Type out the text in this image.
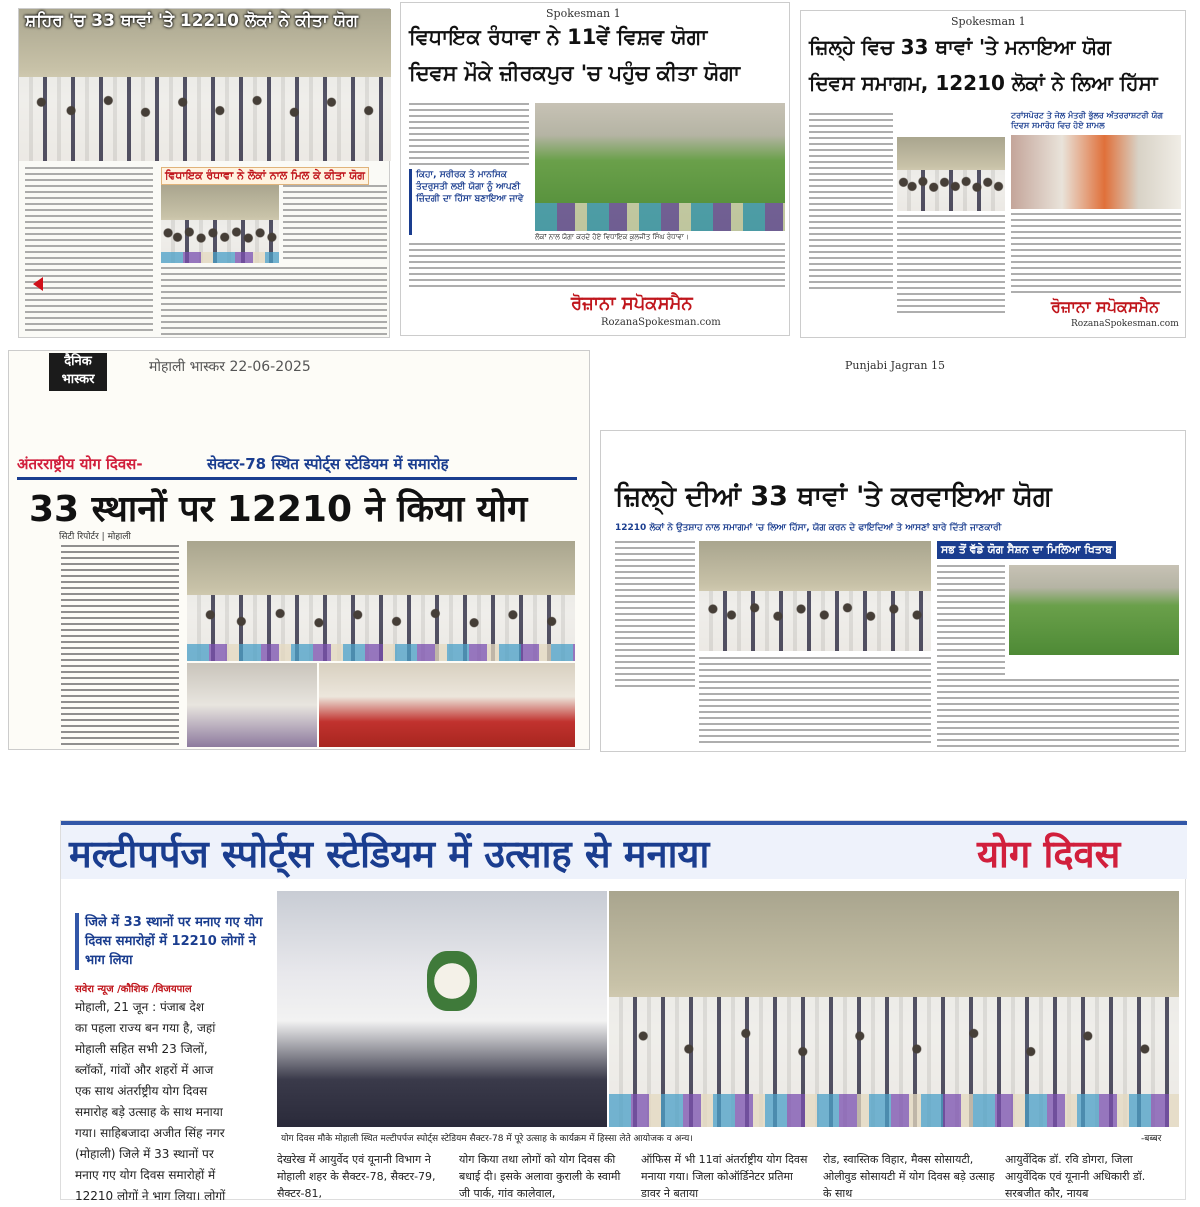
ਸ਼ਹਿਰ 'ਚ 33 ਥਾਵਾਂ 'ਤੇ 12210 ਲੋਕਾਂ ਨੇ ਕੀਤਾ ਯੋਗ
ਵਿਧਾਇਕ ਰੰਧਾਵਾ ਨੇ ਲੋਕਾਂ ਨਾਲ ਮਿਲ ਕੇ ਕੀਤਾ ਯੋਗ
Spokesman 1
ਵਿਧਾਇਕ ਰੰਧਾਵਾ ਨੇ 11ਵੇਂ ਵਿਸ਼ਵ ਯੋਗਾ
ਦਿਵਸ ਮੌਕੇ ਜ਼ੀਰਕਪੁਰ 'ਚ ਪਹੁੰਚ ਕੀਤਾ ਯੋਗਾ
ਕਿਹਾ, ਸਰੀਰਕ ਤੇ ਮਾਨਸਿਕ ਤੰਦਰੁਸਤੀ ਲਈ ਯੋਗਾ ਨੂੰ ਆਪਣੀ ਜ਼ਿੰਦਗੀ ਦਾ ਹਿੱਸਾ ਬਣਾਇਆ ਜਾਵੇ
ਲੋਕਾਂ ਨਾਲ ਯੋਗਾ ਕਰਦੇ ਹੋਏ ਵਿਧਾਇਕ ਕੁਲਜੀਤ ਸਿੰਘ ਰੰਧਾਵਾ।
ਰੋਜ਼ਾਨਾ ਸਪੋਕਸਮੈਨ
RozanaSpokesman.com
Spokesman 1
ਜ਼ਿਲ੍ਹੇ ਵਿਚ 33 ਥਾਵਾਂ 'ਤੇ ਮਨਾਇਆ ਯੋਗ
ਦਿਵਸ ਸਮਾਗਮ, 12210 ਲੋਕਾਂ ਨੇ ਲਿਆ ਹਿੱਸਾ
ਟਰਾਂਸਪੋਰਟ ਤੇ ਜੇਲ ਮੰਤਰੀ ਭੁੱਲਰ ਅੰਤਰਰਾਸ਼ਟਰੀ ਯੋਗ ਦਿਵਸ ਸਮਾਰੋਹ ਵਿਚ ਹੋਏ ਸ਼ਾਮਲ
ਰੋਜ਼ਾਨਾ ਸਪੋਕਸਮੈਨ
RozanaSpokesman.com
दैनिक
भास्कर
मोहाली भास्कर 22-06-2025
अंतरराष्ट्रीय योग दिवस-	सेक्टर-78 स्थित स्पोर्ट्स स्टेडियम में समारोह
33 स्थानों पर 12210 ने किया योग
सिटी रिपोर्टर | मोहाली
Punjabi Jagran 15
ਜ਼ਿਲ੍ਹੇ ਦੀਆਂ 33 ਥਾਵਾਂ 'ਤੇ ਕਰਵਾਇਆ ਯੋਗ
12210 ਲੋਕਾਂ ਨੇ ਉਤਸ਼ਾਹ ਨਾਲ ਸਮਾਗਮਾਂ 'ਚ ਲਿਆ ਹਿੱਸਾ, ਯੋਗ ਕਰਨ ਦੇ ਫਾਇਦਿਆਂ ਤੇ ਆਸਣਾਂ ਬਾਰੇ ਦਿੱਤੀ ਜਾਣਕਾਰੀ
ਸਭ ਤੋਂ ਵੱਡੇ ਯੋਗ ਸੈਸ਼ਨ ਦਾ ਮਿਲਿਆ ਖਿਤਾਬ
मल्टीपर्पज स्पोर्ट्स स्टेडियम में उत्साह से मनाया	योग दिवस
जिले में 33 स्थानों पर मनाए गए योग दिवस समारोहों में 12210 लोगों ने भाग लिया
सवेरा न्यूज /कौशिक /विजयपाल
मोहाली, 21 जून : पंजाब देश
का पहला राज्य बन गया है, जहां
मोहाली सहित सभी 23 जिलों,
ब्लॉकों, गांवों और शहरों में आज
एक साथ अंतर्राष्ट्रीय योग दिवस
समारोह बड़े उत्साह के साथ मनाया
गया। साहिबजादा अजीत सिंह नगर
(मोहाली) जिले में 33 स्थानों पर
मनाए गए योग दिवस समारोहों में
12210 लोगों ने भाग लिया। लोगों
योग दिवस मौके मोहाली स्थित मल्टीपर्पज स्पोर्ट्स स्टेडियम सैक्टर-78 में पूरे उत्साह के कार्यक्रम में हिस्सा लेते आयोजक व अन्य।	-बब्बर
देखरेख में आयुर्वेद एवं यूनानी विभाग ने मोहाली शहर के सैक्टर-78, सैक्टर-79, सैक्टर-81,
योग किया तथा लोगों को योग दिवस की बधाई दी। इसके अलावा कुराली के स्वामी जी पार्क, गांव कालेवाल,
ऑफिस में भी 11वां अंतर्राष्ट्रीय योग दिवस मनाया गया। जिला कोऑर्डिनेटर प्रतिमा डावर ने बताया
रोड, स्वास्तिक विहार, मैक्स सोसायटी, ओलीवुड सोसायटी में योग दिवस बड़े उत्साह के साथ
आयुर्वेदिक डॉ. रवि डोगरा, जिला आयुर्वेदिक एवं यूनानी अधिकारी डॉ. सरबजीत कौर, नायब
